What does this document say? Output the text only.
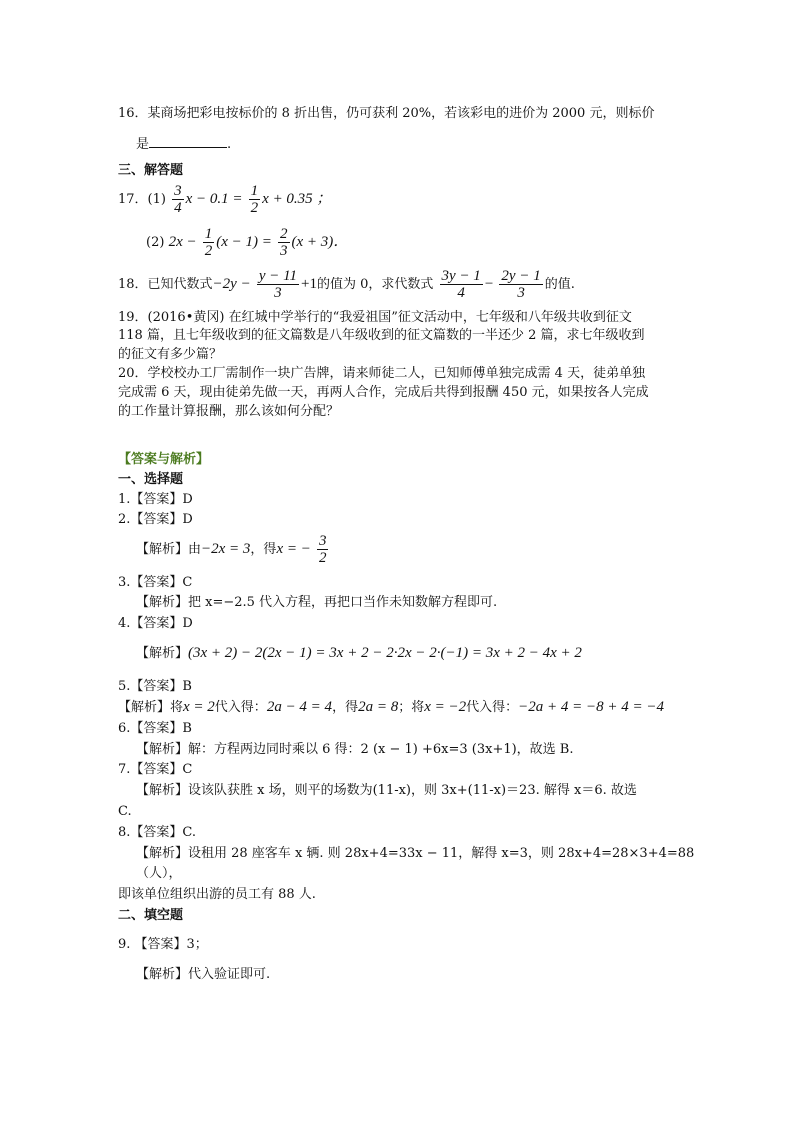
16．某商场把彩电按标价的 8 折出售，仍可获利 20%，若该彩电的进价为 2000 元，则标价
是	.
三、解答题
17．$(1) \frac{3}{4}$ $x - 0.1 = \frac{1}{2}$ x + 0.35 ；
(2) $2x - \frac{1}{2} (x - 1) = \frac{2}{3} (x + 3)$．
18．已知代数式$-2y - \frac{y - 11}{3} +1$的值为 0，求代数式 $\frac{3y - 1}{4} - \frac{2y - 1}{3}$ 的值.
19．(2016•黄冈) 在红城中学举行的“我爱祖国”征文活动中，七年级和八年级共收到征文
118 篇，且七年级收到的征文篇数是八年级收到的征文篇数的一半还少 2 篇，求七年级收到
的征文有多少篇？
20．学校校办工厂需制作一块广告牌，请来师徒二人，已知师傅单独完成需 4 天，徒弟单独
完成需 6 天，现由徒弟先做一天，再两人合作，完成后共得到报酬 450 元，如果按各人完成
的工作量计算报酬，那么该如何分配？
【答案与解析】
一、选择题
1.【答案】D
2.【答案】D
【解析】由−2x = 3，得x = − $\frac{3}{2}$
3.【答案】C
【解析】把 x=−2.5 代入方程，再把口当作未知数解方程即可.
4.【答案】D
【解析】(3x + 2) − 2(2x − 1) = 3x + 2 − 2·2x − 2·(−1) = 3x + 2 − 4x + 2
5.【答案】B
【解析】将x = 2代入得：2a − 4 = 4，得2a = 8；将x = −2代入得：−2a + 4 = −8 + 4 = −4
6.【答案】B
【解析】解：方程两边同时乘以 6 得：2 (x − 1) +6x=3 (3x+1)，故选 B.
7.【答案】C
【解析】设该队获胜 x 场，则平的场数为(11-x)，则 3x+(11-x)＝23. 解得 x＝6. 故选
C.
8.【答案】C.
【解析】设租用 28 座客车 x 辆. 则 28x+4=33x − 11，解得 x=3，则 28x+4=28×3+4=88
（人），
即该单位组织出游的员工有 88 人.
二、填空题
9. 【答案】3；
【解析】代入验证即可.
